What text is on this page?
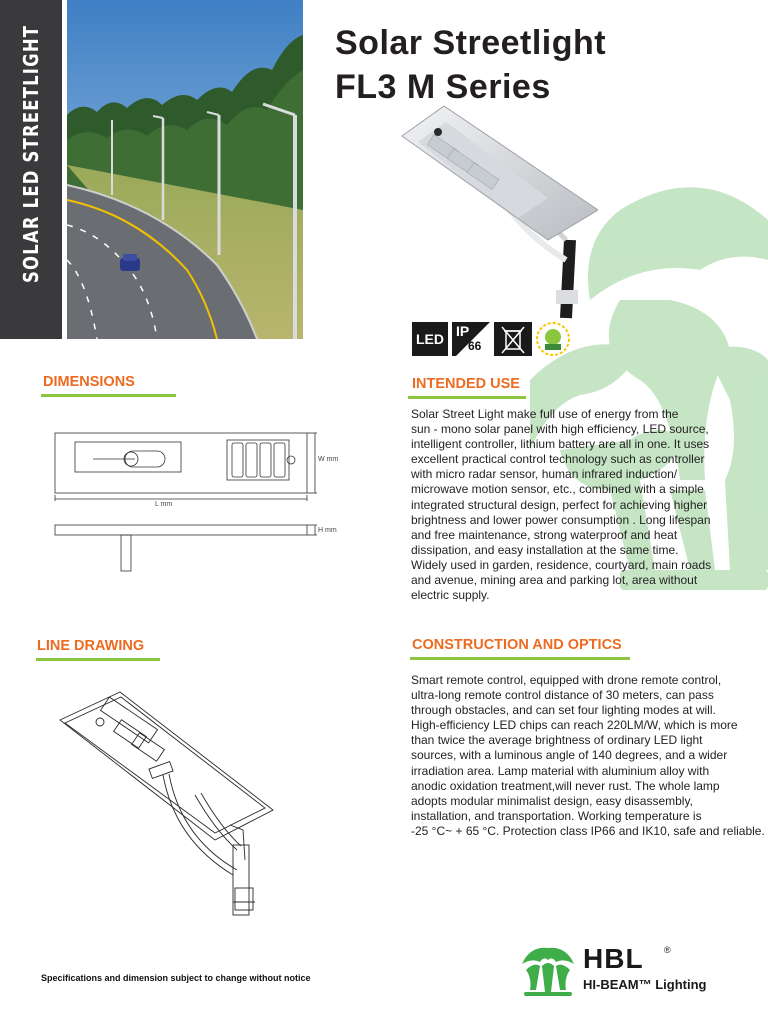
SOLAR LED STREETLIGHT	Solar Streetlight
FL3 M Series
LED IP
66
DIMENSIONS
W mm
L mm
H mm
INTENDED USE
Solar Street Light make full use of energy from the
sun - mono solar panel with high efficiency, LED source,
intelligent controller, lithium battery are all in one. It uses
excellent practical control technology such as controller
with micro radar sensor, human infrared induction/
microwave motion sensor, etc., combined with a simple
integrated structural design, perfect for achieving higher
brightness and lower power consumption . Long lifespan
and free maintenance, strong waterproof and heat
dissipation, and easy installation at the same time.
Widely used in garden, residence, courtyard, main roads
and avenue, mining area and parking lot, area without
electric supply.
LINE DRAWING	CONSTRUCTION AND OPTICS
Smart remote control, equipped with drone remote control,
ultra-long remote control distance of 30 meters, can pass
through obstacles, and can set four lighting modes at will.
High-efficiency LED chips can reach 220LM/W, which is more
than twice the average brightness of ordinary LED light
sources, with a luminous angle of 140 degrees, and a wider
irradiation area. Lamp material with aluminium alloy with
anodic oxidation treatment,will never rust. The whole lamp
adopts modular minimalist design, easy disassembly,
installation, and transportation. Working temperature is
-25 °C~ + 65 °C. Protection class IP66 and IK10, safe and reliable.
Specifications and dimension subject to change without notice
HBL ®
HI-BEAM™ Lighting
